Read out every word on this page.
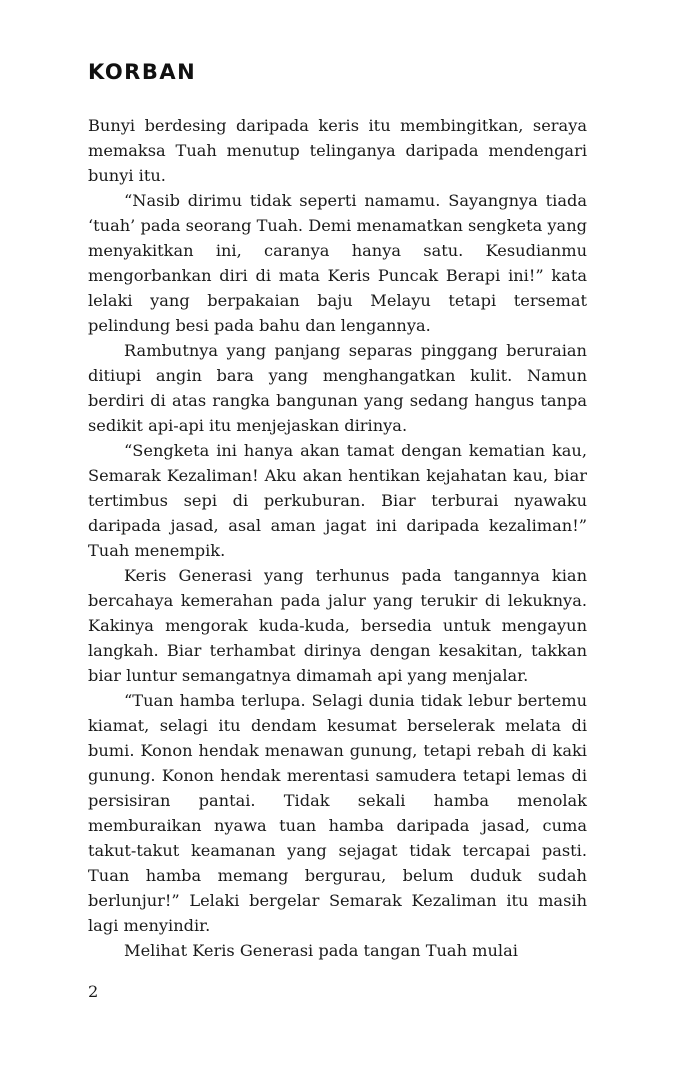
KORBAN

Bunyi berdesing daripada keris itu membingitkan, seraya memaksa Tuah menutup telinganya daripada mendengari bunyi itu.

“Nasib dirimu tidak seperti namamu. Sayangnya tiada ‘tuah’ pada seorang Tuah. Demi menamatkan sengketa yang menyakitkan ini, caranya hanya satu. Kesudianmu mengorbankan diri di mata Keris Puncak Berapi ini!” kata lelaki yang berpakaian baju Melayu tetapi tersemat pelindung besi pada bahu dan lengannya.

Rambutnya yang panjang separas pinggang beruraian ditiupi angin bara yang menghangatkan kulit. Namun berdiri di atas rangka bangunan yang sedang hangus tanpa sedikit api-api itu menjejaskan dirinya.

“Sengketa ini hanya akan tamat dengan kematian kau, Semarak Kezaliman! Aku akan hentikan kejahatan kau, biar tertimbus sepi di perkuburan. Biar terburai nyawaku daripada jasad, asal aman jagat ini daripada kezaliman!” Tuah menempik.

Keris Generasi yang terhunus pada tangannya kian bercahaya kemerahan pada jalur yang terukir di lekuknya. Kakinya mengorak kuda-kuda, bersedia untuk mengayun langkah. Biar terhambat dirinya dengan kesakitan, takkan biar luntur semangatnya dimamah api yang menjalar.

“Tuan hamba terlupa. Selagi dunia tidak lebur bertemu kiamat, selagi itu dendam kesumat berselerak melata di bumi. Konon hendak menawan gunung, tetapi rebah di kaki gunung. Konon hendak merentasi samudera tetapi lemas di persisiran pantai. Tidak sekali hamba menolak memburaikan nyawa tuan hamba daripada jasad, cuma takut-takut keamanan yang sejagat tidak tercapai pasti. Tuan hamba memang bergurau, belum duduk sudah berlunjur!” Lelaki bergelar Semarak Kezaliman itu masih lagi menyindir.

Melihat Keris Generasi pada tangan Tuah mulai

2
